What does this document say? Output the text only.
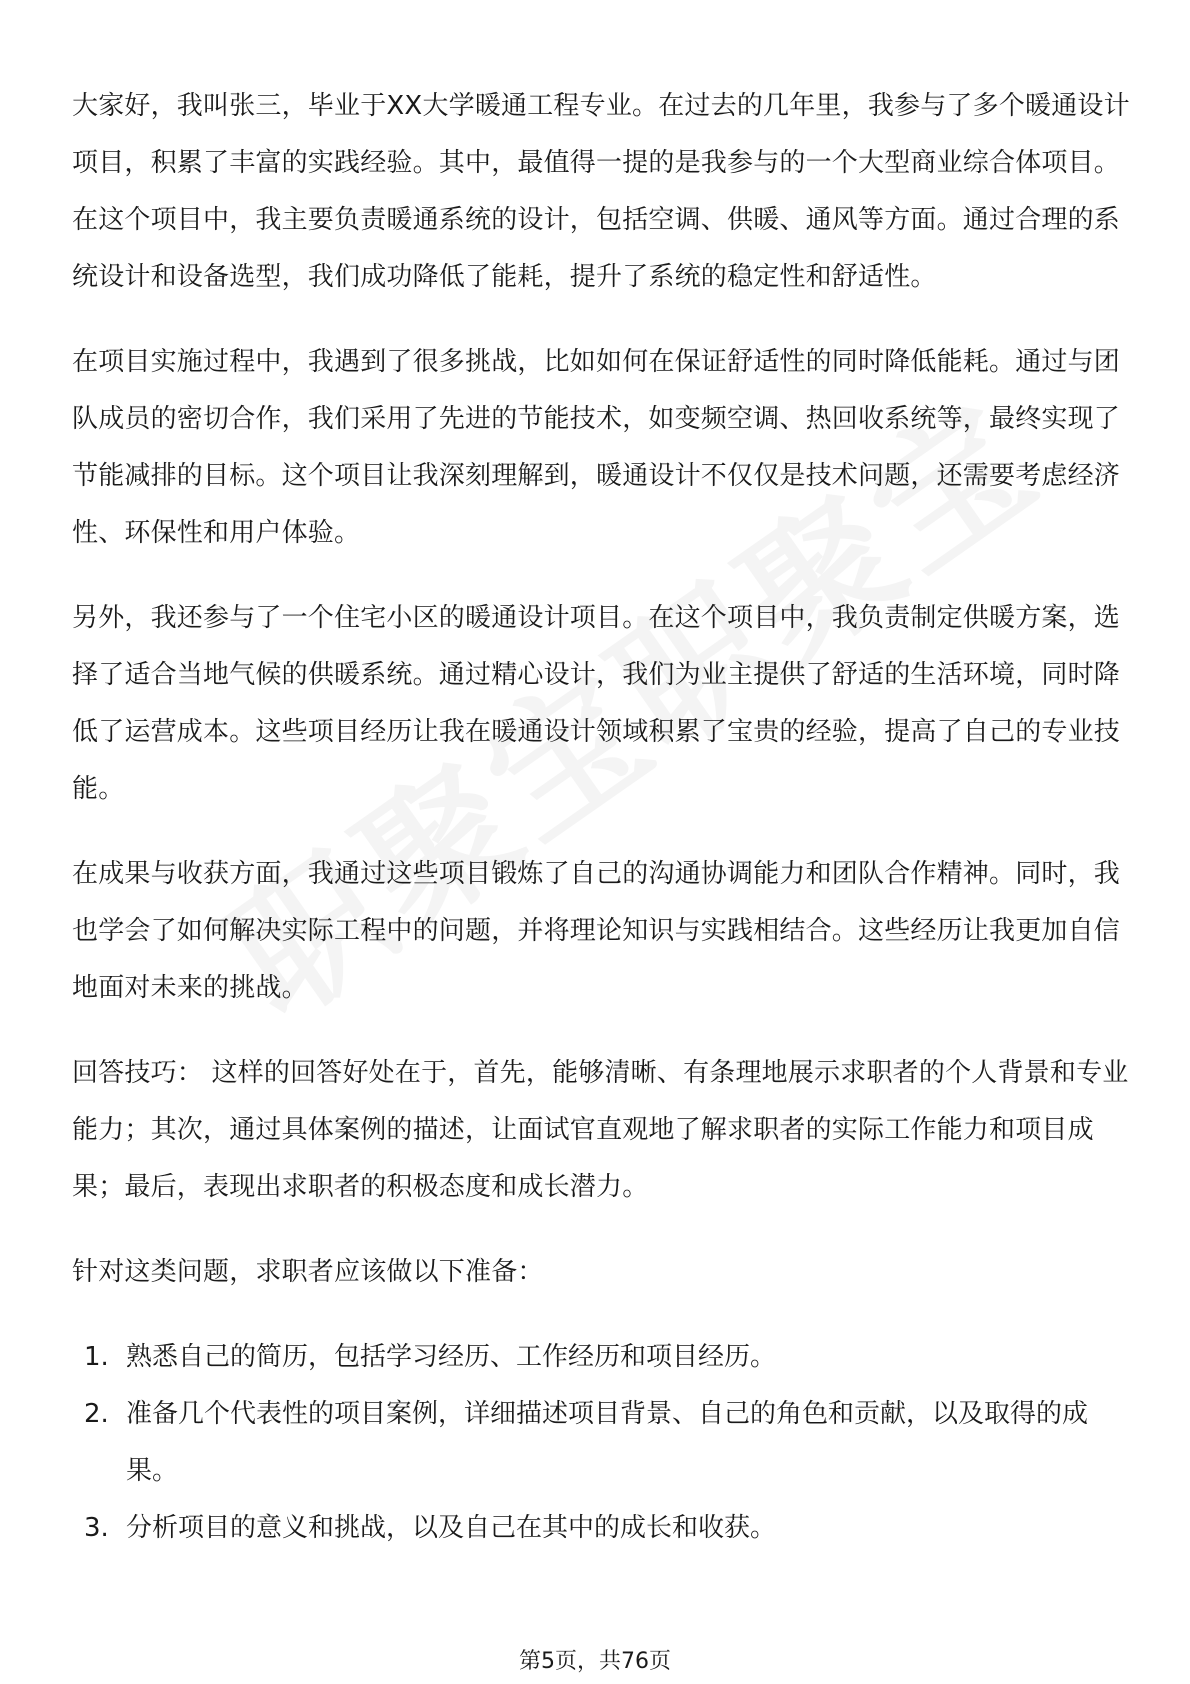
大家好，我叫张三，毕业于XX大学暖通工程专业。在过去的几年里，我参与了多个暖通设计项目，积累了丰富的实践经验。其中，最值得一提的是我参与的一个大型商业综合体项目。在这个项目中，我主要负责暖通系统的设计，包括空调、供暖、通风等方面。通过合理的系统设计和设备选型，我们成功降低了能耗，提升了系统的稳定性和舒适性。

在项目实施过程中，我遇到了很多挑战，比如如何在保证舒适性的同时降低能耗。通过与团队成员的密切合作，我们采用了先进的节能技术，如变频空调、热回收系统等，最终实现了节能减排的目标。这个项目让我深刻理解到，暖通设计不仅仅是技术问题，还需要考虑经济性、环保性和用户体验。

另外，我还参与了一个住宅小区的暖通设计项目。在这个项目中，我负责制定供暖方案，选择了适合当地气候的供暖系统。通过精心设计，我们为业主提供了舒适的生活环境，同时降低了运营成本。这些项目经历让我在暖通设计领域积累了宝贵的经验，提高了自己的专业技能。

在成果与收获方面，我通过这些项目锻炼了自己的沟通协调能力和团队合作精神。同时，我也学会了如何解决实际工程中的问题，并将理论知识与实践相结合。这些经历让我更加自信地面对未来的挑战。

回答技巧： 这样的回答好处在于，首先，能够清晰、有条理地展示求职者的个人背景和专业能力；其次，通过具体案例的描述，让面试官直观地了解求职者的实际工作能力和项目成果；最后，表现出求职者的积极态度和成长潜力。

针对这类问题，求职者应该做以下准备：

1. 熟悉自己的简历，包括学习经历、工作经历和项目经历。
2. 准备几个代表性的项目案例，详细描述项目背景、自己的角色和贡献，以及取得的成果。
3. 分析项目的意义和挑战，以及自己在其中的成长和收获。
第5页，共76页
